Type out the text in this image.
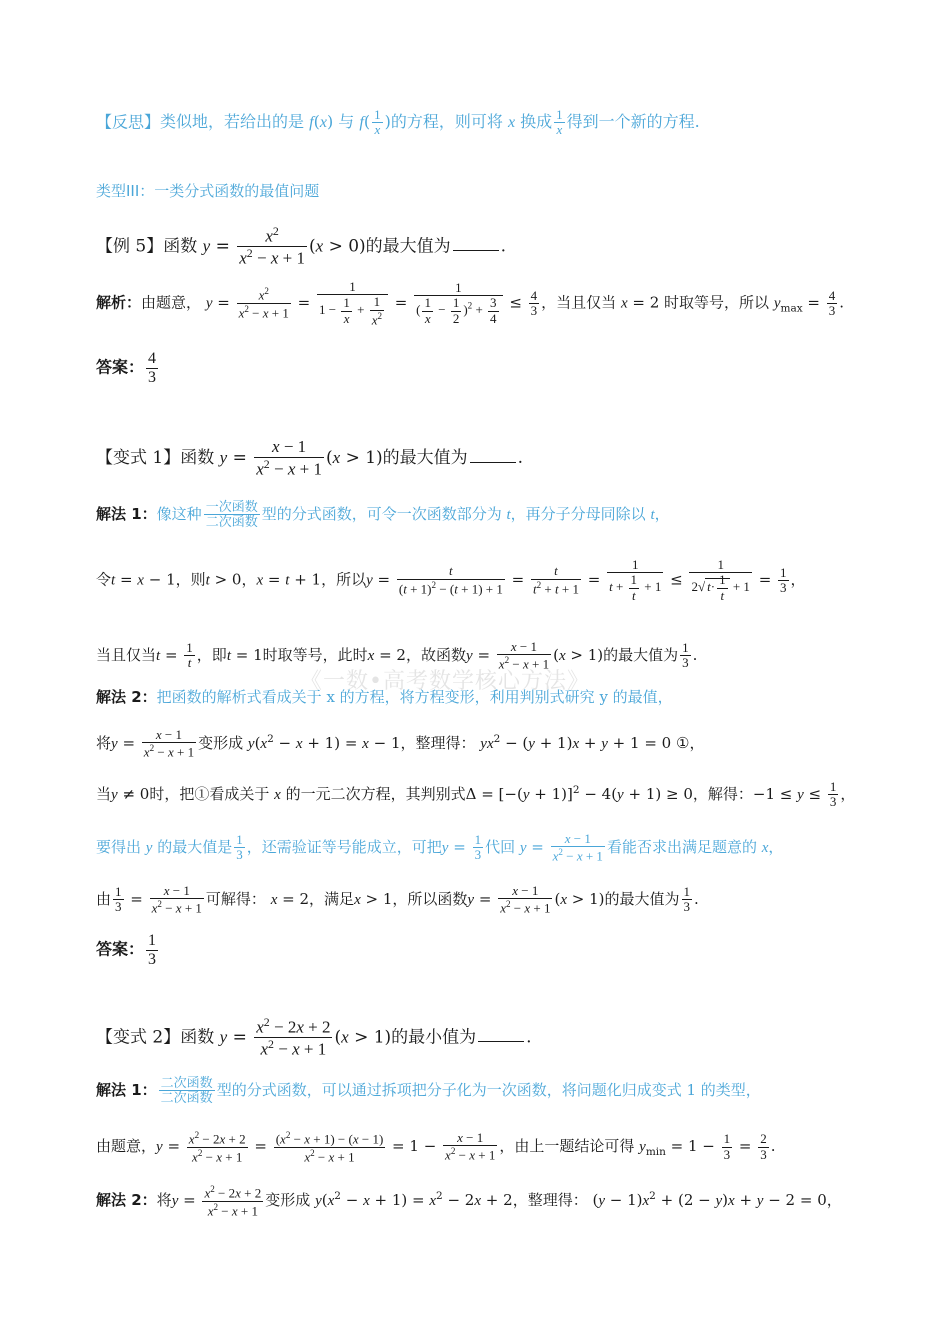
【反思】类似地，若给出的是 f(x) 与 $f( \frac{1}{x}$ )的方程，则可将 x 换成 $\frac{1}{x}$ 得到一个新的方程.
类型III：一类分式函数的最值问题
【例 5】函数 $y = \frac{x^2}{x^2 - x + 1} (x > 0)$的最大值为	.
解析：由题意， $y = \frac{x^2}{x^2 - x + 1} = \frac{1}{1 - \frac{1}{x} + \frac{1}{x^2}} = \frac{1}{( \frac{1}{x} - \frac{1}{2} )^2 + \frac{3}{4}} \le \frac{4}{3}$ ，当且仅当 x = 2 时取等号，所以 $y_{max} = \frac{4}{3}$ .
答案： $\frac{4}{3}$
【变式 1】函数 $y = \frac{x - 1}{x^2 - x + 1} (x > 1)$的最大值为	.
解法 1：像这种 $\frac{\text{一次函数}}{\text{二次函数}}$ 型的分式函数，可令一次函数部分为 t，再分子分母同除以 t，
令t = x − 1，则t > 0，x = t + 1，所以$y = \frac{t}{(t + 1)^2 - (t + 1) + 1} = \frac{t}{t^2 + t + 1} = \frac{1}{t + \frac{1}{t} + 1} \le \frac{1}{2√ t\cdot \frac{1}{t} + 1} = \frac{1}{3}$ ，
当且仅当$t = \frac{1}{t}$ ，即t = 1时取等号，此时x = 2，故函数$y = \frac{x - 1}{x^2 - x + 1} (x > 1)$的最大值为 $\frac{1}{3}$ .
解法 2：把函数的解析式看成关于 x 的方程，将方程变形，利用判别式研究 y 的最值，
将$y = \frac{x - 1}{x^2 - x + 1}$ 变形成 $y(x^2 - x + 1) = x - 1$，整理得： $yx^2 - (y + 1)x + y + 1 = 0$ ①，
当y ≠ 0时，把①看成关于 x 的一元二次方程，其判别式$\Delta = [-(y + 1)]^2 - 4(y + 1) \ge 0$，解得：$-1 \le y \le \frac{1}{3}$ ，
要得出 y 的最大值是 $\frac{1}{3}$ ，还需验证等号能成立，可把$y = \frac{1}{3}$ 代回 $y = \frac{x - 1}{x^2 - x + 1}$ 看能否求出满足题意的 x，
由 $\frac{1}{3} = \frac{x - 1}{x^2 - x + 1}$ 可解得： x = 2，满足x > 1，所以函数$y = \frac{x - 1}{x^2 - x + 1} (x > 1)$的最大值为 $\frac{1}{3}$ .
答案： $\frac{1}{3}$
【变式 2】函数 $y = \frac{x^2 - 2x + 2}{x^2 - x + 1} (x > 1)$的最小值为	.
解法 1： $\frac{\text{二次函数}}{\text{二次函数}}$ 型的分式函数，可以通过拆项把分子化为一次函数，将问题化归成变式 1 的类型，
由题意，$y = \frac{x^2 - 2x + 2}{x^2 - x + 1} = \frac{(x^2 - x + 1) - (x - 1)}{x^2 - x + 1} = 1 - \frac{x - 1}{x^2 - x + 1}$ ，由上一题结论可得 $y_{min} = 1 - \frac{1}{3} = \frac{2}{3}$ .
解法 2：将$y = \frac{x^2 - 2x + 2}{x^2 - x + 1}$ 变形成 $y(x^2 - x + 1) = x^2 - 2x + 2$，整理得： $(y - 1)x^2 + (2 - y)x + y - 2 = 0$，
《一数•高考数学核心方法》
